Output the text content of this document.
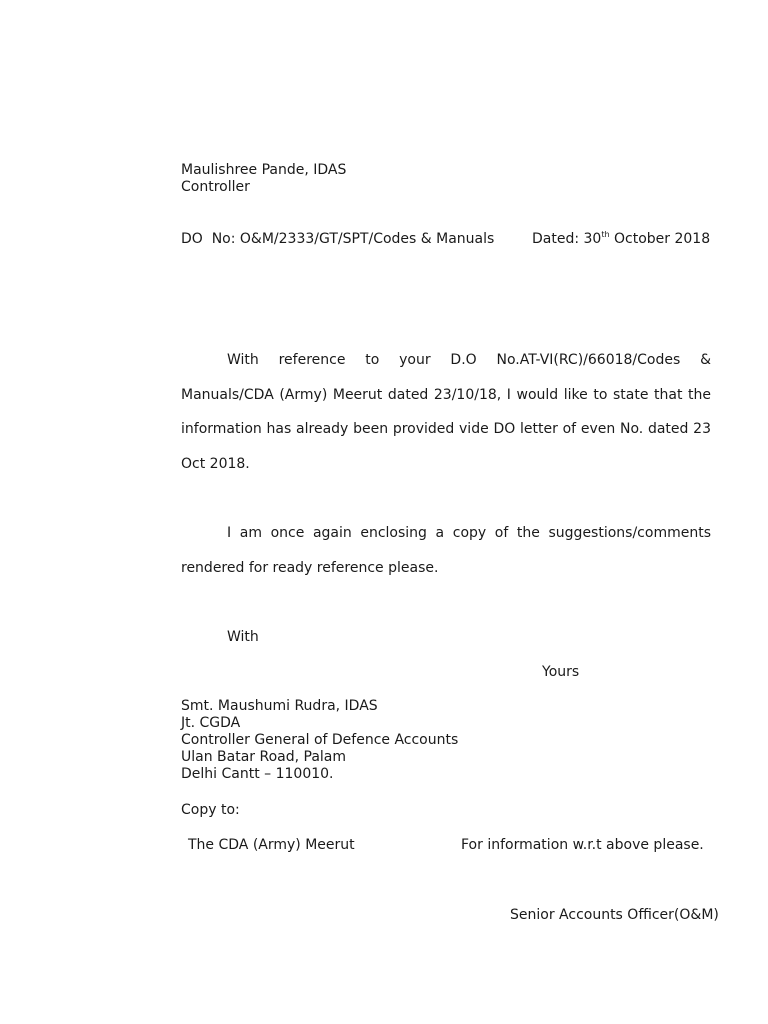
Maulishree Pande, IDAS
Controller
DO  No: O&M/2333/GT/SPT/Codes & Manuals	Dated: 30th October 2018
With reference to your D.O No.AT-VI(RC)/66018/Codes & Manuals/CDA (Army) Meerut dated 23/10/18, I would like to state that the information has already been provided vide DO letter of even No. dated 23 Oct 2018.
I am once again enclosing a copy of the suggestions/comments rendered for ready reference please.
With
Yours
Smt. Maushumi Rudra, IDAS
Jt. CGDA
Controller General of Defence Accounts
Ulan Batar Road, Palam
Delhi Cantt – 110010.
Copy to:
The CDA (Army) Meerut	For information w.r.t above please.
Senior Accounts Officer(O&M)
